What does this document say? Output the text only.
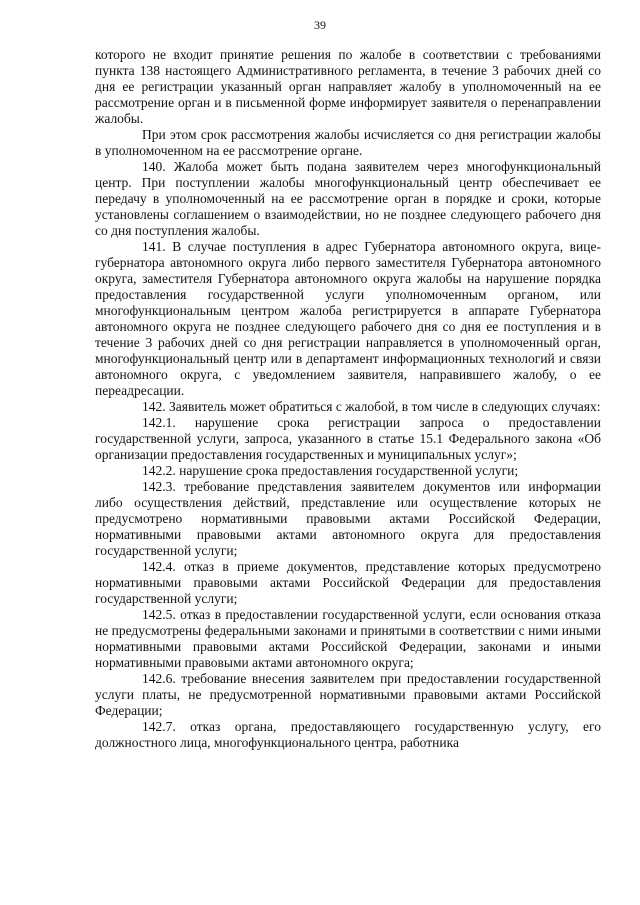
39

которого не входит принятие решения по жалобе в соответствии с требованиями пункта 138 настоящего Административного регламента, в течение 3 рабочих дней со дня ее регистрации указанный орган направляет жалобу в уполномоченный на ее рассмотрение орган и в письменной форме информирует заявителя о перенаправлении жалобы.

При этом срок рассмотрения жалобы исчисляется со дня регистрации жалобы в уполномоченном на ее рассмотрение органе.

140. Жалоба может быть подана заявителем через многофункциональный центр. При поступлении жалобы многофункциональный центр обеспечивает ее передачу в уполномоченный на ее рассмотрение орган в порядке и сроки, которые установлены соглашением о взаимодействии, но не позднее следующего рабочего дня со дня поступления жалобы.

141. В случае поступления в адрес Губернатора автономного округа, вице-губернатора автономного округа либо первого заместителя Губернатора автономного округа, заместителя Губернатора автономного округа жалобы на нарушение порядка предоставления государственной услуги уполномоченным органом, или многофункциональным центром жалоба регистрируется в аппарате Губернатора автономного округа не позднее следующего рабочего дня со дня ее поступления и в течение 3 рабочих дней со дня регистрации направляется в уполномоченный орган, многофункциональный центр или в департамент информационных технологий и связи автономного округа, с уведомлением заявителя, направившего жалобу, о ее переадресации.

142. Заявитель может обратиться с жалобой, в том числе в следующих случаях:

142.1. нарушение срока регистрации запроса о предоставлении государственной услуги, запроса, указанного в статье 15.1 Федерального закона «Об организации предоставления государственных и муниципальных услуг»;

142.2. нарушение срока предоставления государственной услуги;

142.3. требование представления заявителем документов или информации либо осуществления действий, представление или осуществление которых не предусмотрено нормативными правовыми актами Российской Федерации, нормативными правовыми актами автономного округа для предоставления государственной услуги;

142.4. отказ в приеме документов, представление которых предусмотрено нормативными правовыми актами Российской Федерации для предоставления государственной услуги;

142.5. отказ в предоставлении государственной услуги, если основания отказа не предусмотрены федеральными законами и принятыми в соответствии с ними иными нормативными правовыми актами Российской Федерации, законами и иными нормативными правовыми актами автономного округа;

142.6. требование внесения заявителем при предоставлении государственной услуги платы, не предусмотренной нормативными правовыми актами Российской Федерации;

142.7. отказ органа, предоставляющего государственную услугу, его должностного лица, многофункционального центра, работника
